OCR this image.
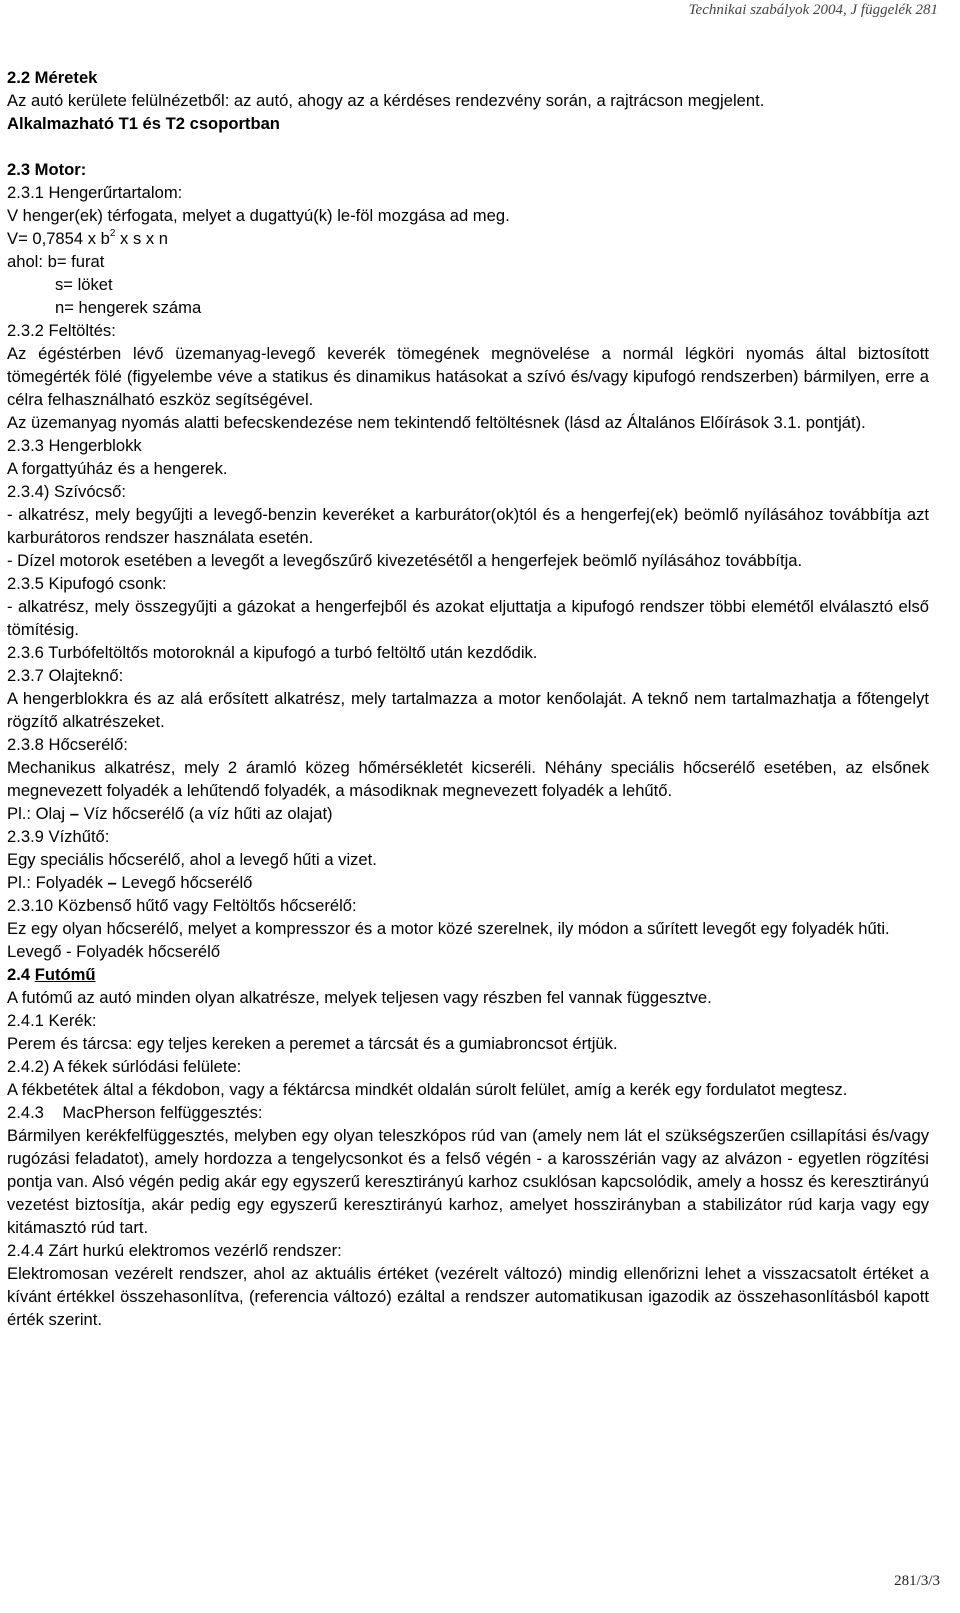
Technikai szabályok 2004, J függelék 281

2.2 Méretek

Az autó kerülete felülnézetből: az autó, ahogy az a kérdéses rendezvény során, a rajtrácson megjelent.

Alkalmazható T1 és T2 csoportban

2.3 Motor:

2.3.1 Hengerűrtartalom:

V henger(ek) térfogata, melyet a dugattyú(k) le-föl mozgása ad meg.

V= 0,7854 x $b^2$ x s x n

ahol: b= furat

s= löket

n= hengerek száma

2.3.2 Feltöltés:

Az égéstérben lévő üzemanyag-levegő keverék tömegének megnövelése a normál légköri nyomás által biztosított tömegérték fölé (figyelembe véve a statikus és dinamikus hatásokat a szívó és/vagy kipufogó rendszerben) bármilyen, erre a célra felhasználható eszköz segítségével.

Az üzemanyag nyomás alatti befecskendezése nem tekintendő feltöltésnek (lásd az Általános Előírások 3.1. pontját).

2.3.3 Hengerblokk

A forgattyúház és a hengerek.

2.3.4) Szívócső:

- alkatrész, mely begyűjti a levegő-benzin keveréket a karburátor(ok)tól és a hengerfej(ek) beömlő nyílásához továbbítja azt karburátoros rendszer használata esetén.

- Dízel motorok esetében a levegőt a levegőszűrő kivezetésétől a hengerfejek beömlő nyílásához továbbítja.

2.3.5 Kipufogó csonk:

- alkatrész, mely összegyűjti a gázokat a hengerfejből és azokat eljuttatja a kipufogó rendszer többi elemétől elválasztó első tömítésig.

2.3.6 Turbófeltöltős motoroknál a kipufogó a turbó feltöltő után kezdődik.

2.3.7 Olajteknő:

A hengerblokkra és az alá erősített alkatrész, mely tartalmazza a motor kenőolaját. A teknő nem tartalmazhatja a főtengelyt rögzítő alkatrészeket.

2.3.8 Hőcserélő:

Mechanikus alkatrész, mely 2 áramló közeg hőmérsékletét kicseréli. Néhány speciális hőcserélő esetében, az elsőnek megnevezett folyadék a lehűtendő folyadék, a másodiknak megnevezett folyadék a lehűtő.

Pl.: Olaj – Víz hőcserélő (a víz hűti az olajat)

2.3.9 Vízhűtő:

Egy speciális hőcserélő, ahol a levegő hűti a vizet.

Pl.: Folyadék – Levegő hőcserélő

2.3.10 Közbenső hűtő vagy Feltöltős hőcserélő:

Ez egy olyan hőcserélő, melyet a kompresszor és a motor közé szerelnek, ily módon a sűrített levegőt egy folyadék hűti.

Levegő - Folyadék hőcserélő

2.4 Futómű

A futómű az autó minden olyan alkatrésze, melyek teljesen vagy részben fel vannak függesztve.

2.4.1 Kerék:

Perem és tárcsa: egy teljes kereken a peremet a tárcsát és a gumiabroncsot értjük.

2.4.2) A fékek súrlódási felülete:

A fékbetétek által a fékdobon, vagy a féktárcsa mindkét oldalán súrolt felület, amíg a kerék egy fordulatot megtesz.

2.4.3    MacPherson felfüggesztés:

Bármilyen kerékfelfüggesztés, melyben egy olyan teleszkópos rúd van (amely nem lát el szükségszerűen csillapítási és/vagy rugózási feladatot), amely hordozza a tengelycsonkot és a felső végén - a karosszérián vagy az alvázon - egyetlen rögzítési pontja van. Alsó végén pedig akár egy egyszerű keresztirányú karhoz csuklósan kapcsolódik, amely a hossz és keresztirányú vezetést biztosítja, akár pedig egy egyszerű keresztirányú karhoz, amelyet hosszirányban a stabilizátor rúd karja vagy egy kitámasztó rúd tart.

2.4.4 Zárt hurkú elektromos vezérlő rendszer:

Elektromosan vezérelt rendszer, ahol az aktuális értéket (vezérelt változó) mindig ellenőrizni lehet a visszacsatolt értéket a kívánt értékkel összehasonlítva, (referencia változó) ezáltal a rendszer automatikusan igazodik az összehasonlításból kapott érték szerint.

281/3/3
